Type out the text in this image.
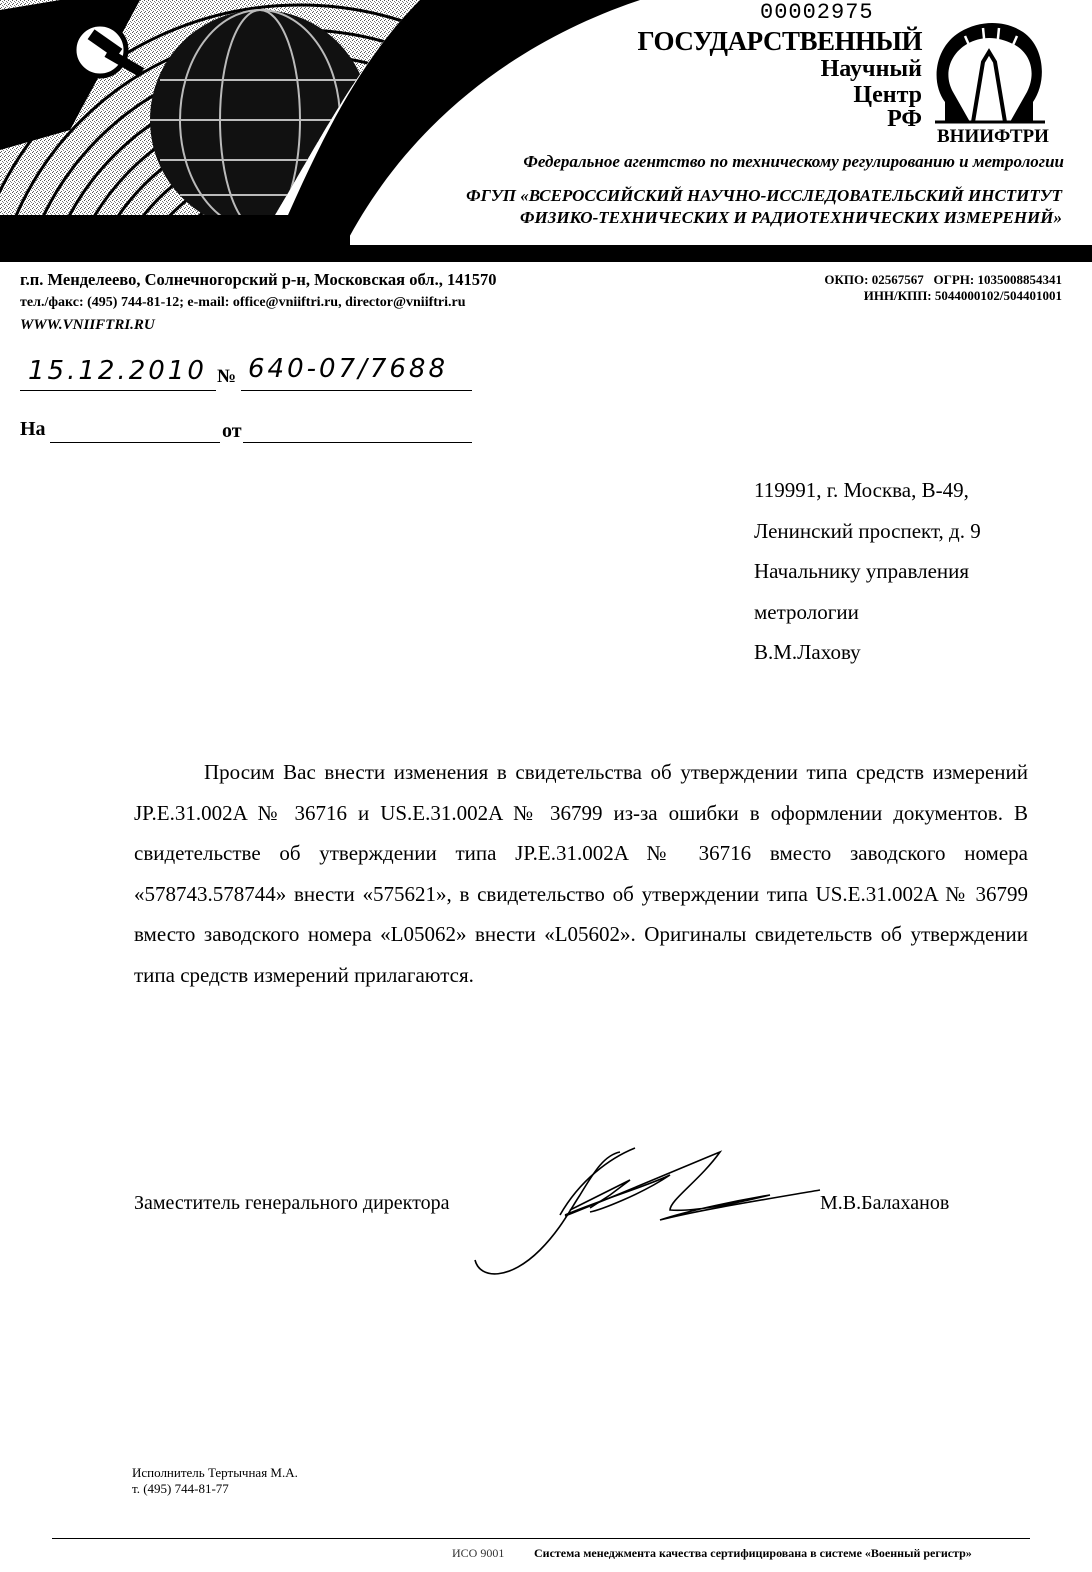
00002975
ГОСУДАРСТВЕННЫЙ
Научный
Центр
РФ
ВНИИФТРИ
Федеральное агентство по техническому регулированию и метрологии
ФГУП «ВСЕРОССИЙСКИЙ НАУЧНО-ИССЛЕДОВАТЕЛЬСКИЙ ИНСТИТУТ
ФИЗИКО-ТЕХНИЧЕСКИХ И РАДИОТЕХНИЧЕСКИХ ИЗМЕРЕНИЙ»
г.п. Менделеево, Солнечногорский р-н, Московская обл., 141570
тел./факс: (495) 744-81-12; e-mail: office@vniiftri.ru, director@vniiftri.ru
WWW.VNIIFTRI.RU
ОКПО: 02567567   ОГРН: 1035008854341
ИНН/КПП: 5044000102/504401001
15.12.2010 № 640-07/7688
На	от
119991, г. Москва, В-49,
Ленинский проспект, д. 9
Начальнику управления
метрологии
В.М.Лахову

Просим Вас внести изменения в свидетельства об утверждении типа средств измерений JP.E.31.002A № 36716 и US.E.31.002A № 36799 из-за ошибки в оформлении документов. В свидетельстве об утверждении типа JP.E.31.002A № 36716 вместо заводского номера «578743.578744» внести «575621», в свидетельство об утверждении типа US.E.31.002A № 36799 вместо заводского номера «L05062» внести «L05602». Оригиналы свидетельств об утверждении типа средств измерений прилагаются.

Заместитель генерального директора	М.В.Балаханов
Исполнитель Тертычная М.А.
т. (495) 744-81-77
ИСО 9001 Система менеджмента качества сертифицирована в системе «Военный регистр»
